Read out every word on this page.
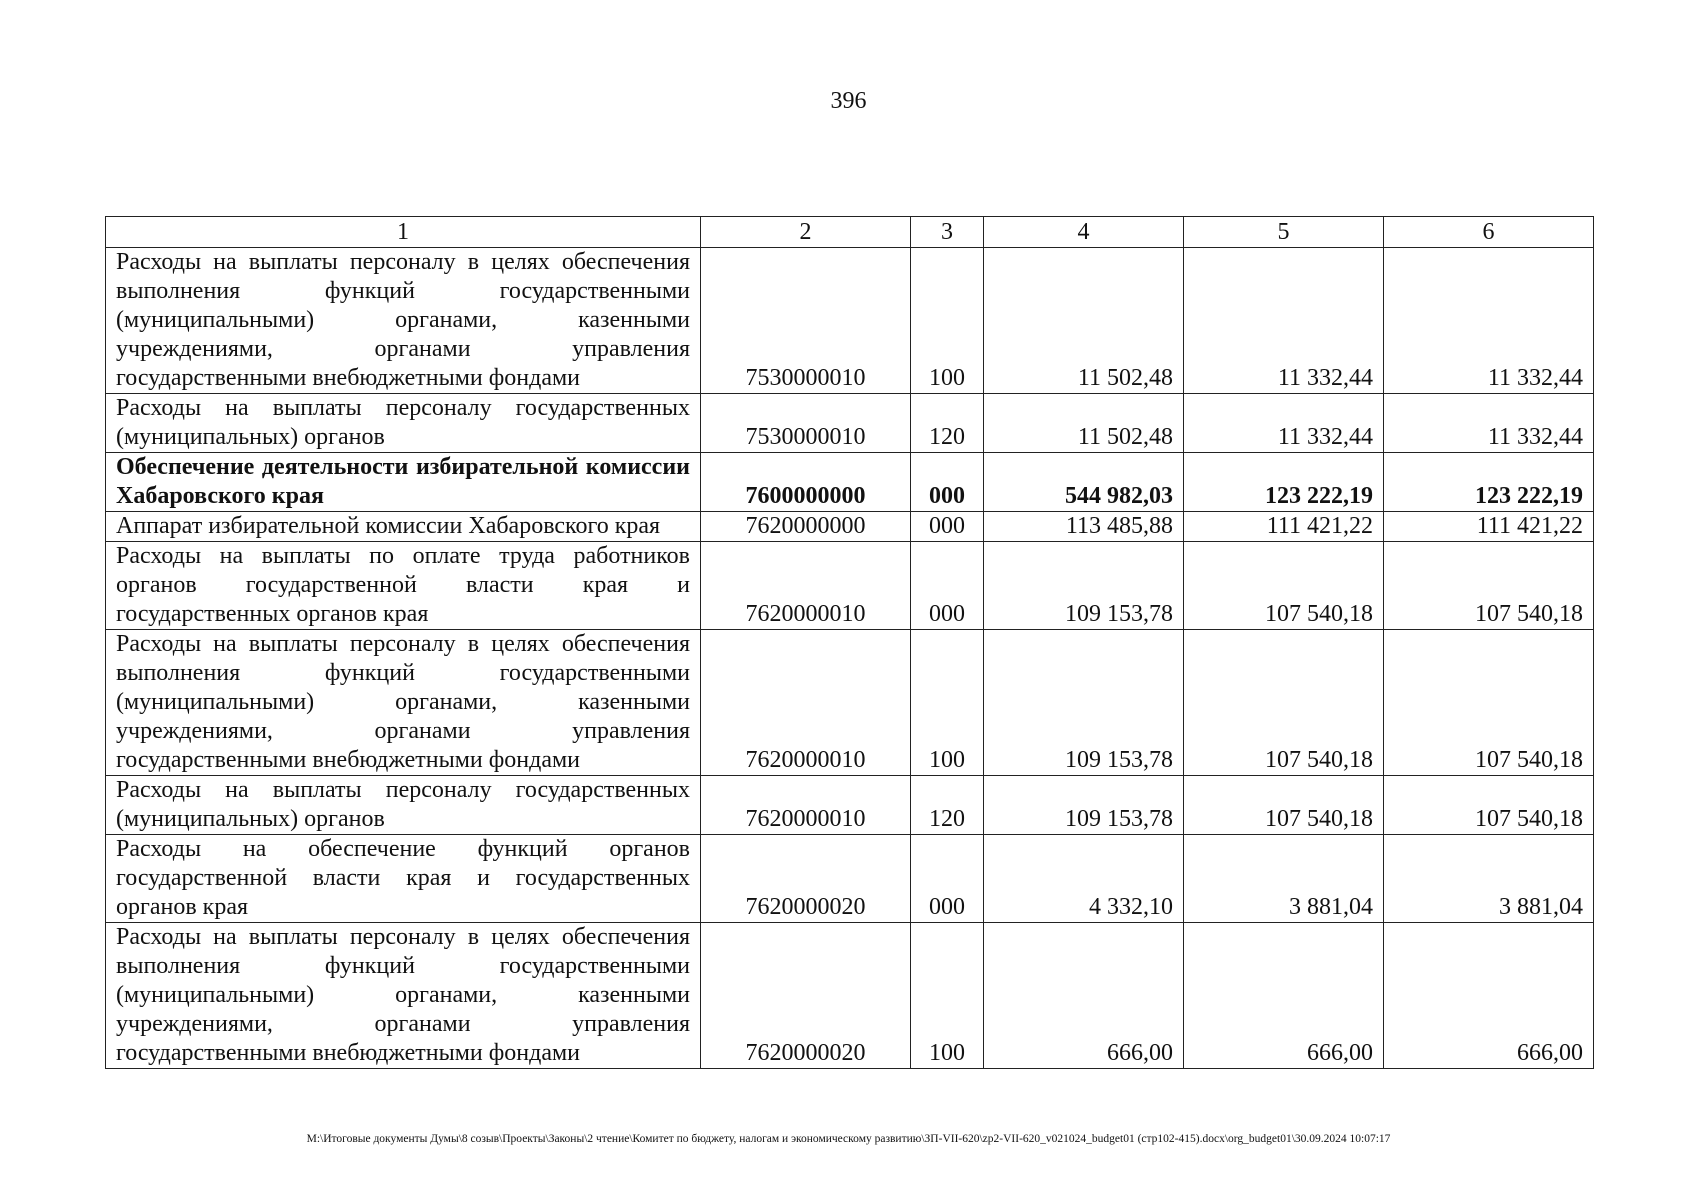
396
1	2	3	4	5	6
Расходы на выплаты персоналу в целях обеспечения выполнения функций государственными (муниципальными) органами, казенными учреждениями, органами управления государственными внебюджетными фондами	7530000010	100	11 502,48	11 332,44	11 332,44
Расходы на выплаты персоналу государственных (муниципальных) органов	7530000010	120	11 502,48	11 332,44	11 332,44
Обеспечение деятельности избирательной комиссии Хабаровского края	7600000000	000	544 982,03	123 222,19	123 222,19
Аппарат избирательной комиссии Хабаровского края	7620000000	000	113 485,88	111 421,22	111 421,22
Расходы на выплаты по оплате труда работников органов государственной власти края и государственных органов края	7620000010	000	109 153,78	107 540,18	107 540,18
Расходы на выплаты персоналу в целях обеспечения выполнения функций государственными (муниципальными) органами, казенными учреждениями, органами управления государственными внебюджетными фондами	7620000010	100	109 153,78	107 540,18	107 540,18
Расходы на выплаты персоналу государственных (муниципальных) органов	7620000010	120	109 153,78	107 540,18	107 540,18
Расходы на обеспечение функций органов государственной власти края и государственных органов края	7620000020	000	4 332,10	3 881,04	3 881,04
Расходы на выплаты персоналу в целях обеспечения выполнения функций государственными (муниципальными) органами, казенными учреждениями, органами управления государственными внебюджетными фондами	7620000020	100	666,00	666,00	666,00
M:\Итоговые документы Думы\8 созыв\Проекты\Законы\2 чтение\Комитет по бюджету, налогам и экономическому развитию\ЗП-VII-620\zp2-VII-620_v021024_budget01 (стр102-415).docx\org_budget01\30.09.2024 10:07:17
